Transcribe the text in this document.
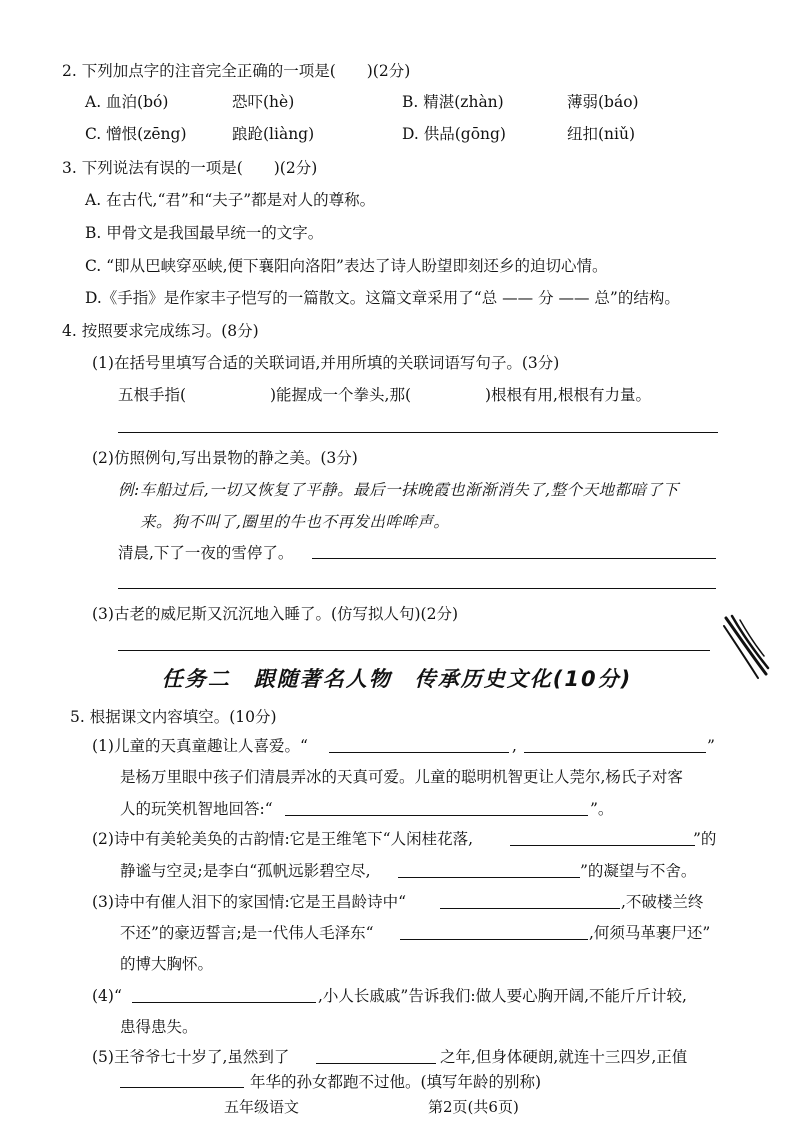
2. 下列加点字的注音完全正确的一项是(　　)(2分)
A. 血泊(bó)	恐吓(hè)	B. 精湛(zhàn)	薄弱(báo)
C. 憎恨(zēng)	踉跄(liàng)	D. 供品(gōng)	纽扣(niǔ)
3. 下列说法有误的一项是(　　)(2分)
A. 在古代,“君”和“夫子”都是对人的尊称。
B. 甲骨文是我国最早统一的文字。
C. “即从巴峡穿巫峡,便下襄阳向洛阳”表达了诗人盼望即刻还乡的迫切心情。
D.《手指》是作家丰子恺写的一篇散文。这篇文章采用了“总 —— 分 —— 总”的结构。
4. 按照要求完成练习。(8分)
(1)在括号里填写合适的关联词语,并用所填的关联词语写句子。(3分)
五根手指(	)能握成一个拳头,那(	)根根有用,根根有力量。
(2)仿照例句,写出景物的静之美。(3分)
例:车船过后,一切又恢复了平静。最后一抹晚霞也渐渐消失了,整个天地都暗了下
来。狗不叫了,圈里的牛也不再发出哞哞声。
清晨,下了一夜的雪停了。
(3)古老的威尼斯又沉沉地入睡了。(仿写拟人句)(2分)
任务二　跟随著名人物　传承历史文化(10分)
5. 根据课文内容填空。(10分)
(1)儿童的天真童趣让人喜爱。“	,	”
是杨万里眼中孩子们清晨弄冰的天真可爱。儿童的聪明机智更让人莞尔,杨氏子对客
人的玩笑机智地回答:“	”。
(2)诗中有美轮美奂的古韵情:它是王维笔下“人闲桂花落,	”的
静谧与空灵;是李白“孤帆远影碧空尽,	”的凝望与不舍。
(3)诗中有催人泪下的家国情:它是王昌龄诗中“	,不破楼兰终
不还”的豪迈誓言;是一代伟人毛泽东“	,何须马革裹尸还”
的博大胸怀。
(4)“	,小人长戚戚”告诉我们:做人要心胸开阔,不能斤斤计较,
患得患失。
(5)王爷爷七十岁了,虽然到了	之年,但身体硬朗,就连十三四岁,正值
年华的孙女都跑不过他。(填写年龄的别称)
五年级语文	第2页(共6页)
